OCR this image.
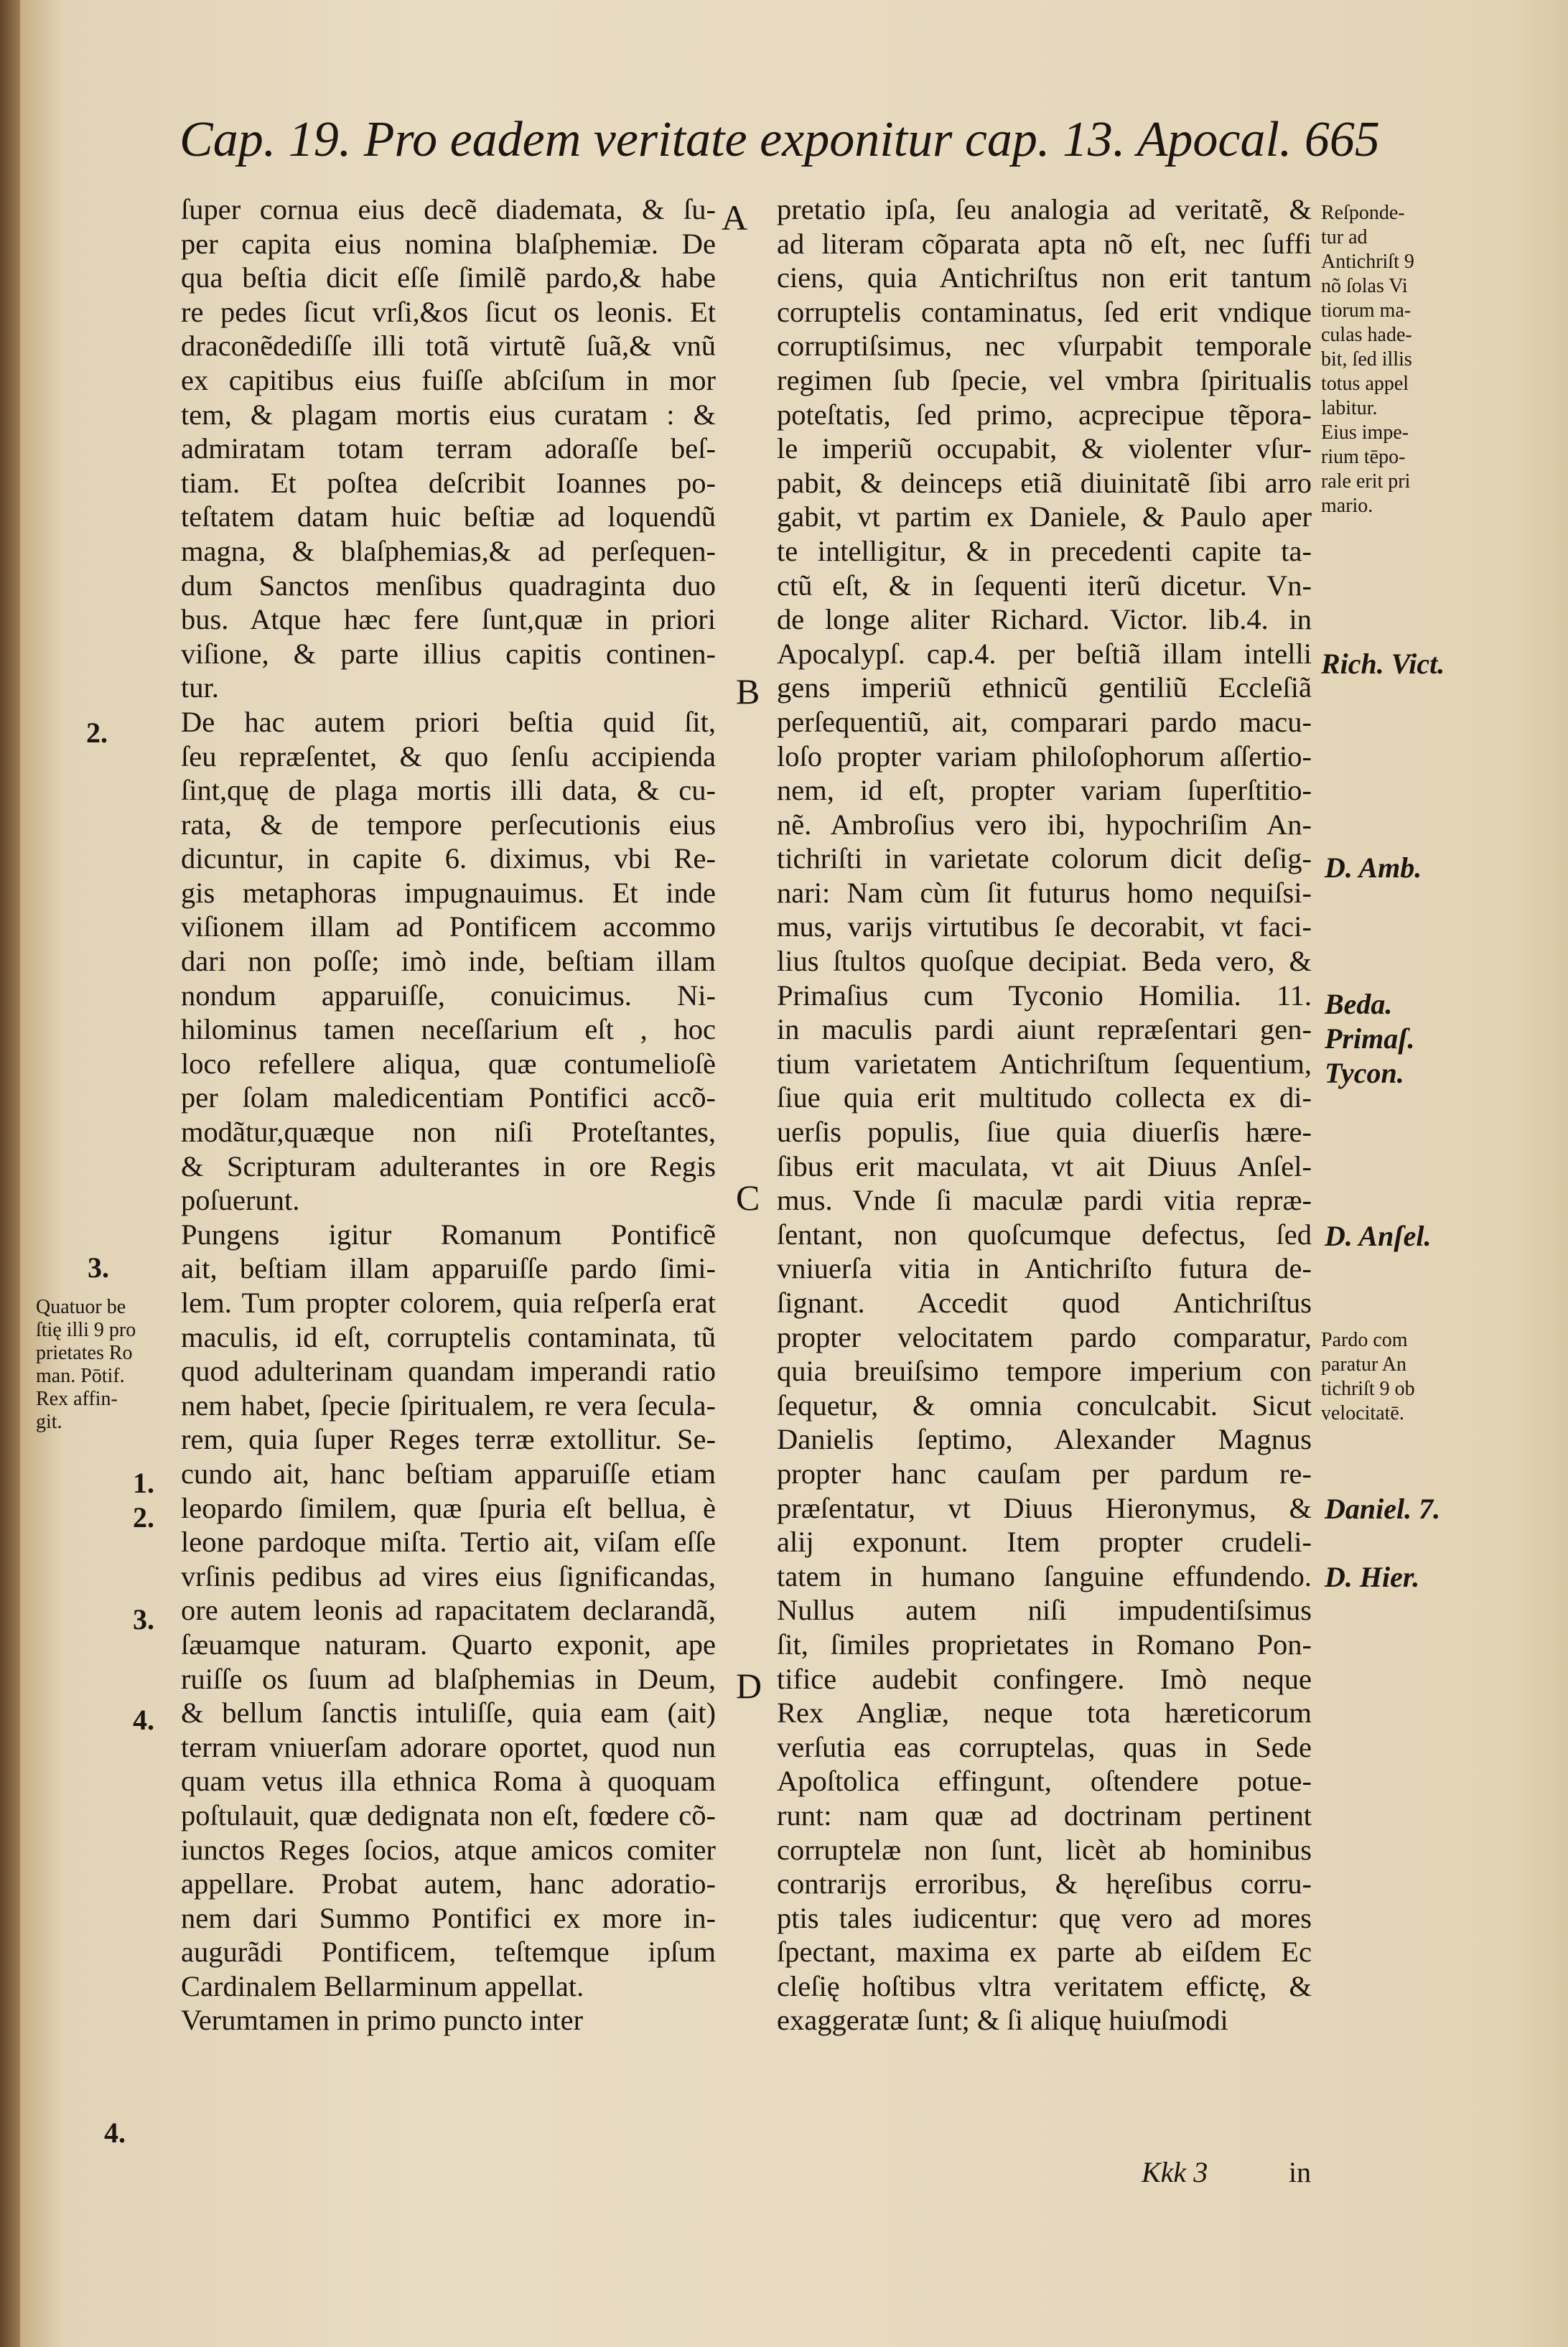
Cap. 19. Pro eadem veritate exponitur cap. 13. Apocal. 665
ſuper cornua eius decẽ diademata, & ſu-
per capita eius nomina blaſphemiæ. De
qua beſtia dicit eſſe ſimilẽ pardo,& habe
re pedes ſicut vrſi,&os ſicut os leonis. Et
draconẽdediſſe illi totã virtutẽ ſuã,& vnũ
ex capitibus eius fuiſſe abſciſum in mor
tem, & plagam mortis eius curatam : &
admiratam totam terram adoraſſe beſ-
tiam. Et poſtea deſcribit Ioannes po-
teſtatem datam huic beſtiæ ad loquendũ
magna, & blaſphemias,& ad perſequen-
dum Sanctos menſibus quadraginta duo
bus. Atque hæc fere ſunt,quæ in priori
viſione, & parte illius capitis continen-
tur.
De hac autem priori beſtia quid ſit,
ſeu repræſentet, & quo ſenſu accipienda
ſint,quę de plaga mortis illi data, & cu-
rata, & de tempore perſecutionis eius
dicuntur, in capite 6. diximus, vbi Re-
gis metaphoras impugnauimus. Et inde
viſionem illam ad Pontificem accommo
dari non poſſe; imò inde, beſtiam illam
nondum apparuiſſe, conuicimus. Ni-
hilominus tamen neceſſarium eſt , hoc
loco refellere aliqua, quæ contumelioſè
per ſolam maledicentiam Pontifici accõ-
modãtur,quæque non niſi Proteſtantes,
& Scripturam adulterantes in ore Regis
poſuerunt.
Pungens igitur Romanum Pontificẽ
ait, beſtiam illam apparuiſſe pardo ſimi-
lem. Tum propter colorem, quia reſperſa erat
maculis, id eſt, corruptelis contaminata, tũ
quod adulterinam quandam imperandi ratio
nem habet, ſpecie ſpiritualem, re vera ſecula-
rem, quia ſuper Reges terræ extollitur. Se-
cundo ait, hanc beſtiam apparuiſſe etiam
leopardo ſimilem, quæ ſpuria eſt bellua, è
leone pardoque miſta. Tertio ait, viſam eſſe
vrſinis pedibus ad vires eius ſignificandas,
ore autem leonis ad rapacitatem declarandã,
ſæuamque naturam. Quarto exponit, ape
ruiſſe os ſuum ad blaſphemias in Deum,
& bellum ſanctis intuliſſe, quia eam (ait)
terram vniuerſam adorare oportet, quod nun
quam vetus illa ethnica Roma à quoquam
poſtulauit, quæ dedignata non eſt, fœdere cõ-
iunctos Reges ſocios, atque amicos comiter
appellare. Probat autem, hanc adoratio-
nem dari Summo Pontifici ex more in-
augurãdi Pontificem, teſtemque ipſum
Cardinalem Bellarminum appellat.
Verumtamen in primo puncto inter
pretatio ipſa, ſeu analogia ad veritatẽ, &
ad literam cõparata apta nõ eſt, nec ſuffi
ciens, quia Antichriſtus non erit tantum
corruptelis contaminatus, ſed erit vndique
corruptiſsimus, nec vſurpabit temporale
regimen ſub ſpecie, vel vmbra ſpiritualis
poteſtatis, ſed primo, acprecipue tẽpora-
le imperiũ occupabit, & violenter vſur-
pabit, & deinceps etiã diuinitatẽ ſibi arro
gabit, vt partim ex Daniele, & Paulo aper
te intelligitur, & in precedenti capite ta-
ctũ eſt, & in ſequenti iterũ dicetur. Vn-
de longe aliter Richard. Victor. lib.4. in
Apocalypſ. cap.4. per beſtiã illam intelli
gens imperiũ ethnicũ gentiliũ Eccleſiã
perſequentiũ, ait, comparari pardo macu-
loſo propter variam philoſophorum aſſertio-
nem, id eſt, propter variam ſuperſtitio-
nẽ. Ambroſius vero ibi, hypochriſim An-
tichriſti in varietate colorum dicit deſig-
nari: Nam cùm ſit futurus homo nequiſsi-
mus, varijs virtutibus ſe decorabit, vt faci-
lius ſtultos quoſque decipiat. Beda vero, &
Primaſius cum Tyconio Homilia. 11.
in maculis pardi aiunt repræſentari gen-
tium varietatem Antichriſtum ſequentium,
ſiue quia erit multitudo collecta ex di-
uerſis populis, ſiue quia diuerſis hære-
ſibus erit maculata, vt ait Diuus Anſel-
mus. Vnde ſi maculæ pardi vitia repræ-
ſentant, non quoſcumque defectus, ſed
vniuerſa vitia in Antichriſto futura de-
ſignant. Accedit quod Antichriſtus
propter velocitatem pardo comparatur,
quia breuiſsimo tempore imperium con
ſequetur, & omnia conculcabit. Sicut
Danielis ſeptimo, Alexander Magnus
propter hanc cauſam per pardum re-
præſentatur, vt Diuus Hieronymus, &
alij exponunt. Item propter crudeli-
tatem in humano ſanguine effundendo.
Nullus autem niſi impudentiſsimus
ſit, ſimiles proprietates in Romano Pon-
tifice audebit confingere. Imò neque
Rex Angliæ, neque tota hæreticorum
verſutia eas corruptelas, quas in Sede
Apoſtolica effingunt, oſtendere potue-
runt: nam quæ ad doctrinam pertinent
corruptelæ non ſunt, licèt ab hominibus
contrarijs erroribus, & hęreſibus corru-
ptis tales iudicentur: quę vero ad mores
ſpectant, maxima ex parte ab eiſdem Ec
cleſię hoſtibus vltra veritatem effictę, &
exaggeratæ ſunt; & ſi aliquę huiuſmodi
A
B
C
D
2.
3.
Quatuor be
ſtię illi 9 pro
prietates Ro
man. Pōtif.
Rex affin-
git.
1.
2.
3.
4.
4.
Reſponde-
tur ad
Antichriſt 9
nõ ſolas Vi
tiorum ma-
culas hade-
bit, ſed illis
totus appel
labitur.
Eius impe-
rium tēpo-
rale erit pri
mario.
Rich. Vict.
D. Amb.
Beda.
Primaſ.
Tycon.
D. Anſel.
Pardo com
paratur An
tichriſt 9 ob
velocitatē.
Daniel. 7.
D. Hier.
Kkk 3	in
